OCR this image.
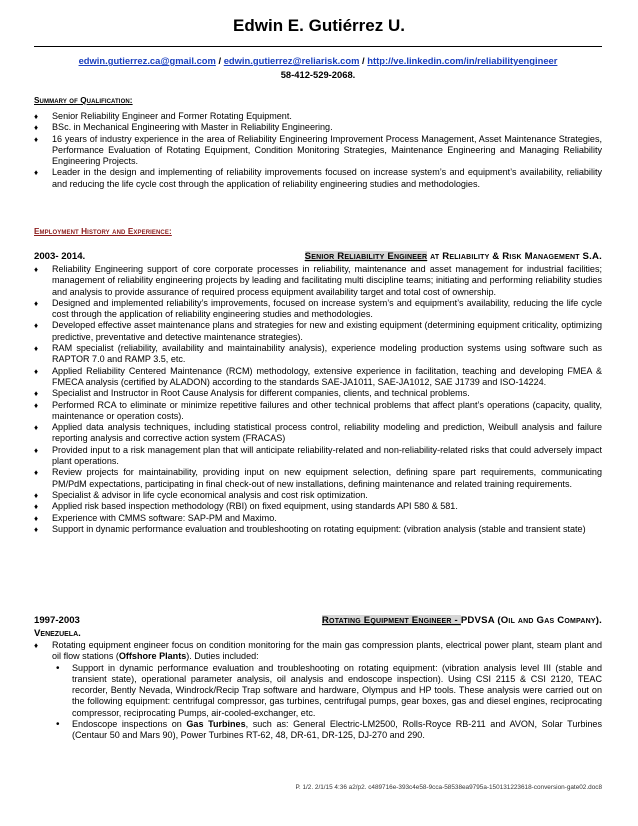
Edwin E. Gutiérrez U.
edwin.gutierrez.ca@gmail.com / edwin.gutierrez@reliarisk.com / http://ve.linkedin.com/in/reliabilityengineer
58-412-529-2068.
Summary of Qualification:
♦ Senior Reliability Engineer and Former Rotating Equipment.
♦ BSc. in Mechanical Engineering with Master in Reliability Engineering.
♦ 16 years of industry experience in the area of Reliability Engineering Improvement Process Management, Asset Maintenance Strategies, Performance Evaluation of Rotating Equipment, Condition Monitoring Strategies, Maintenance Engineering and Managing Reliability Engineering Projects.
♦ Leader in the design and implementing of reliability improvements focused on increase system’s and equipment’s availability, reliability and reducing the life cycle cost through the application of reliability engineering studies and methodologies.
Employment History and Experience:
2003- 2014.	Senior Reliability Engineer at Reliability & Risk Management S.A.
♦ Reliability Engineering support of core corporate processes in reliability, maintenance and asset management for industrial facilities; management of reliability engineering projects by leading and facilitating multi discipline teams; initiating and performing reliability studies and analysis to provide assurance of required process equipment availability target and total cost of ownership.
♦ Designed and implemented reliability’s improvements, focused on increase system’s and equipment’s availability, reducing the life cycle cost through the application of reliability engineering studies and methodologies.
♦ Developed effective asset maintenance plans and strategies for new and existing equipment (determining equipment criticality, optimizing predictive, preventative and detective maintenance strategies).
♦ RAM specialist (reliability, availability and maintainability analysis), experience modeling production systems using software such as RAPTOR 7.0 and RAMP 3.5, etc.
♦ Applied Reliability Centered Maintenance (RCM) methodology, extensive experience in facilitation, teaching and developing FMEA & FMECA analysis (certified by ALADON) according to the standards SAE-JA1011, SAE-JA1012, SAE J1739 and ISO-14224.
♦ Specialist and Instructor in Root Cause Analysis for different companies, clients, and technical problems.
♦ Performed RCA to eliminate or minimize repetitive failures and other technical problems that affect plant’s operations (capacity, quality, maintenance or operation costs).
♦ Applied data analysis techniques, including statistical process control, reliability modeling and prediction, Weibull analysis and failure reporting analysis and corrective action system (FRACAS)
♦ Provided input to a risk management plan that will anticipate reliability-related and non-reliability-related risks that could adversely impact plant operations.
♦ Review projects for maintainability, providing input on new equipment selection, defining spare part requirements, communicating PM/PdM expectations, participating in final check-out of new installations, defining maintenance and related training requirements.
♦ Specialist & advisor in life cycle economical analysis and cost risk optimization.
♦ Applied risk based inspection methodology (RBI) on fixed equipment, using standards API 580 & 581.
♦ Experience with CMMS software: SAP-PM and Maximo.
♦ Support in dynamic performance evaluation and troubleshooting on rotating equipment: (vibration analysis (stable and transient state)
1997-2003	Rotating Equipment Engineer - PDVSA (Oil and Gas Company).
Venezuela.
♦ Rotating equipment engineer focus on condition monitoring for the main gas compression plants, electrical power plant, steam plant and oil flow stations (Offshore Plants). Duties included:
• Support in dynamic performance evaluation and troubleshooting on rotating equipment: (vibration analysis level III (stable and transient state), operational parameter analysis, oil analysis and endoscope inspection). Using CSI 2115 & CSI 2120, TEAC recorder, Bently Nevada, Windrock/Recip Trap software and hardware, Olympus and HP tools. These analysis were carried out on the following equipment: centrifugal compressor, gas turbines, centrifugal pumps, gear boxes, gas and diesel engines, reciprocating compressor, reciprocating Pumps, air-cooled-exchanger, etc.
• Endoscope inspections on Gas Turbines, such as: General Electric-LM2500, Rolls-Royce RB-211 and AVON, Solar Turbines (Centaur 50 and Mars 90), Power Turbines RT-62, 48, DR-61, DR-125, DJ-270 and 290.
P. 1/2. 2/1/15 4:36 a2/p2. c489716e-393c4e58-9cca-58538ea9795a-150131223618-conversion-gate02.doc8
